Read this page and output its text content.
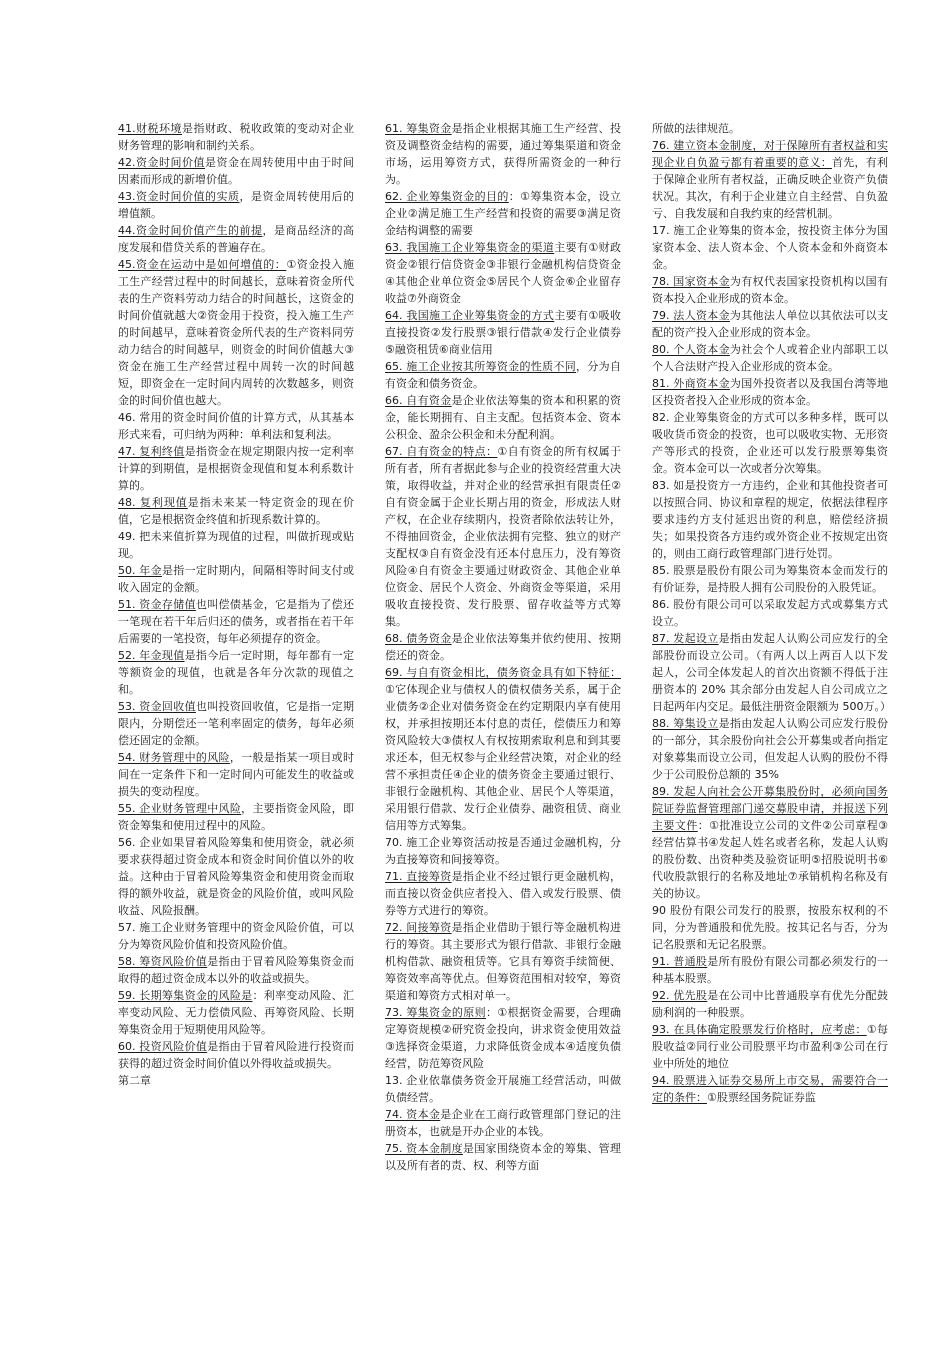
41.财税环境是指财政、税收政策的变动对企业财务管理的影响和制约关系。

42.资金时间价值是资金在周转使用中由于时间因素而形成的新增价值。

43.资金时间价值的实质，是资金周转使用后的增值额。

44.资金时间价值产生的前提，是商品经济的高度发展和借贷关系的普遍存在。

45.资金在运动中是如何增值的：①资金投入施工生产经营过程中的时间越长，意味着资金所代表的生产资料劳动力结合的时间越长，这资金的时间价值就越大②资金用于投资，投入施工生产的时间越早，意味着资金所代表的生产资料同劳动力结合的时间越早，则资金的时间价值越大③资金在施工生产经营过程中周转一次的时间越短，即资金在一定时间内周转的次数越多，则资金的时间价值也越大。

46. 常用的资金时间价值的计算方式，从其基本形式来看，可归纳为两种：单利法和复利法。

47. 复利终值是指资金在规定期限内按一定利率计算的到期值，是根据资金现值和复本利系数计算的。

48. 复利现值是指未来某一特定资金的现在价值，它是根据资金终值和折现系数计算的。

49. 把未来值折算为现值的过程，叫做折现或贴现。

50. 年金是指一定时期内，间隔相等时间支付或收入固定的金额。

51. 资金存储值也叫偿债基金，它是指为了偿还一笔现在若干年后归还的债务，或者指在若干年后需要的一笔投资，每年必须提存的资金。

52. 年金现值是指今后一定时期，每年都有一定等额资金的现值，也就是各年分次款的现值之和。

53. 资金回收值也叫投资回收值，它是指一定期限内，分期偿还一笔利率固定的债务，每年必须偿还固定的金额。

54. 财务管理中的风险，一般是指某一项目或时间在一定条件下和一定时间内可能发生的收益或损失的变动程度。

55. 企业财务管理中风险，主要指资金风险，即资金筹集和使用过程中的风险。

56. 企业如果冒着风险筹集和使用资金，就必须要求获得超过资金成本和资金时间价值以外的收益。这种由于冒着风险筹集资金和使用资金而取得的额外收益，就是资金的风险价值，或叫风险收益、风险报酬。

57. 施工企业财务管理中的资金风险价值，可以分为筹资风险价值和投资风险价值。

58. 筹资风险价值是指由于冒着风险筹集资金而取得的超过资金成本以外的收益或损失。

59. 长期筹集资金的风险是：利率变动风险、汇率变动风险、无力偿债风险、再筹资风险、长期筹集资金用于短期使用风险等。

60. 投资风险价值是指由于冒着风险进行投资而获得的超过资金时间价值以外得收益或损失。

第二章

61. 筹集资金是指企业根据其施工生产经营、投资及调整资金结构的需要，通过筹集渠道和资金市场，运用筹资方式，获得所需资金的一种行为。

62. 企业筹集资金的目的：①筹集资本金，设立企业②满足施工生产经营和投资的需要③满足资金结构调整的需要

63. 我国施工企业筹集资金的渠道主要有①财政资金②银行信贷资金③非银行金融机构信贷资金④其他企业单位资金⑤居民个人资金⑥企业留存收益⑦外商资金

64. 我国施工企业筹集资金的方式主要有①吸收直接投资②发行股票③银行借款④发行企业债券⑤融资租赁⑥商业信用

65. 施工企业按其所筹资金的性质不同，分为自有资金和债务资金。

66. 自有资金是企业依法筹集的资本和积累的资金，能长期拥有、自主支配。包括资本金、资本公积金、盈余公积金和未分配利润。

67. 自有资金的特点：①自有资金的所有权属于所有者，所有者据此参与企业的投资经营重大决策，取得收益，并对企业的经营承担有限责任②自有资金属于企业长期占用的资金，形成法人财产权，在企业存续期内，投资者除依法转让外，不得抽回资金，企业依法拥有完整、独立的财产支配权③自有资金没有还本付息压力，没有筹资风险④自有资金主要通过财政资金、其他企业单位资金、居民个人资金、外商资金等渠道，采用吸收直接投资、发行股票、留存收益等方式筹集。

68. 债务资金是企业依法筹集并依约使用、按期偿还的资金。

69. 与自有资金相比，债务资金具有如下特征：①它体现企业与债权人的债权债务关系，属于企业债务②企业对债务资金在约定期限内享有使用权，并承担按期还本付息的责任，偿债压力和筹资风险较大③债权人有权按期索取利息和到其要求还本，但无权参与企业经营决策，对企业的经营不承担责任④企业的债务资金主要通过银行、非银行金融机构、其他企业、居民个人等渠道，采用银行借款、发行企业债券、融资租赁、商业信用等方式筹集。

70. 施工企业筹资活动按是否通过金融机构，分为直接筹资和间接筹资。

71. 直接筹资是指企业不经过银行更金融机构，而直接以资金供应者投入、借入或发行股票、债券等方式进行的筹资。

72. 间接筹资是指企业借助于银行等金融机构进行的筹资。其主要形式为银行借款、非银行金融机构借款、融资租赁等。它具有筹资手续简便、筹资效率高等优点。但筹资范围相对较窄，筹资渠道和筹资方式相对单一。

73. 筹集资金的原则：①根据资金需要，合理确定筹资规模②研究资金投向，讲求资金使用效益③选择资金渠道，力求降低资金成本④适度负债经营，防范筹资风险

13. 企业依靠债务资金开展施工经营活动，叫做负债经营。

74. 资本金是企业在工商行政管理部门登记的注册资本，也就是开办企业的本钱。

75. 资本金制度是国家围绕资本金的筹集、管理以及所有者的责、权、利等方面

所做的法律规范。

76. 建立资本金制度，对于保障所有者权益和实现企业自负盈亏都有着重要的意义：首先，有利于保障企业所有者权益，正确反映企业资产负债状况。其次，有利于企业建立自主经营、自负盈亏、自我发展和自我约束的经营机制。

17. 施工企业筹集的资本金，按投资主体分为国家资本金、法人资本金、个人资本金和外商资本金。

78. 国家资本金为有权代表国家投资机构以国有资本投入企业形成的资本金。

79. 法人资本金为其他法人单位以其依法可以支配的资产投入企业形成的资本金。

80. 个人资本金为社会个人或着企业内部职工以个人合法财产投入企业形成的资本金。

81. 外商资本金为国外投资者以及我国台湾等地区投资者投入企业形成的资本金。

82. 企业筹集资金的方式可以多种多样，既可以吸收货币资金的投资，也可以吸收实物、无形资产等形式的投资，企业还可以发行股票筹集资金。资本金可以一次或者分次筹集。

83. 如是投资方一方违约，企业和其他投资者可以按照合同、协议和章程的规定，依据法律程序要求违约方支付延迟出资的利息，赔偿经济损失；如果投资各方违约或外资企业不按规定出资的，则由工商行政管理部门进行处罚。

85. 股票是股份有限公司为筹集资本金而发行的有价证券，是持股人拥有公司股份的入股凭证。

86. 股份有限公司可以采取发起方式或募集方式设立。

87. 发起设立是指由发起人认购公司应发行的全部股份而设立公司。（有两人以上两百人以下发起人，公司全体发起人的首次出资额不得低于注册资本的 20% 其余部分由发起人自公司成立之日起两年内交足。最低注册资金限额为 500万。）

88. 筹集设立是指由发起人认购公司应发行股份的一部分，其余股份向社会公开募集或者向指定对象募集而设立公司，但发起人认购的股份不得少于公司股份总额的 35%

89. 发起人向社会公开募集股份时，必须向国务院证券监督管理部门递交募股申请，并报送下列主要文件：①批准设立公司的文件②公司章程③经营估算书④发起人姓名或者名称，发起人认购的股份数、出资种类及验资证明⑤招股说明书⑥代收股款银行的名称及地址⑦承销机构名称及有关的协议。

90 股份有限公司发行的股票，按股东权利的不同，分为普通股和优先股。按其记名与否，分为记名股票和无记名股票。

91. 普通股是所有股份有限公司都必须发行的一种基本股票。

92. 优先股是在公司中比普通股享有优先分配鼓励利润的一种股票。

93. 在具体确定股票发行价格时，应考虑：①每股收益②同行业公司股票平均市盈利③公司在行业中所处的地位

94. 股票进入证券交易所上市交易，需要符合一定的条件：①股票经国务院证券监
